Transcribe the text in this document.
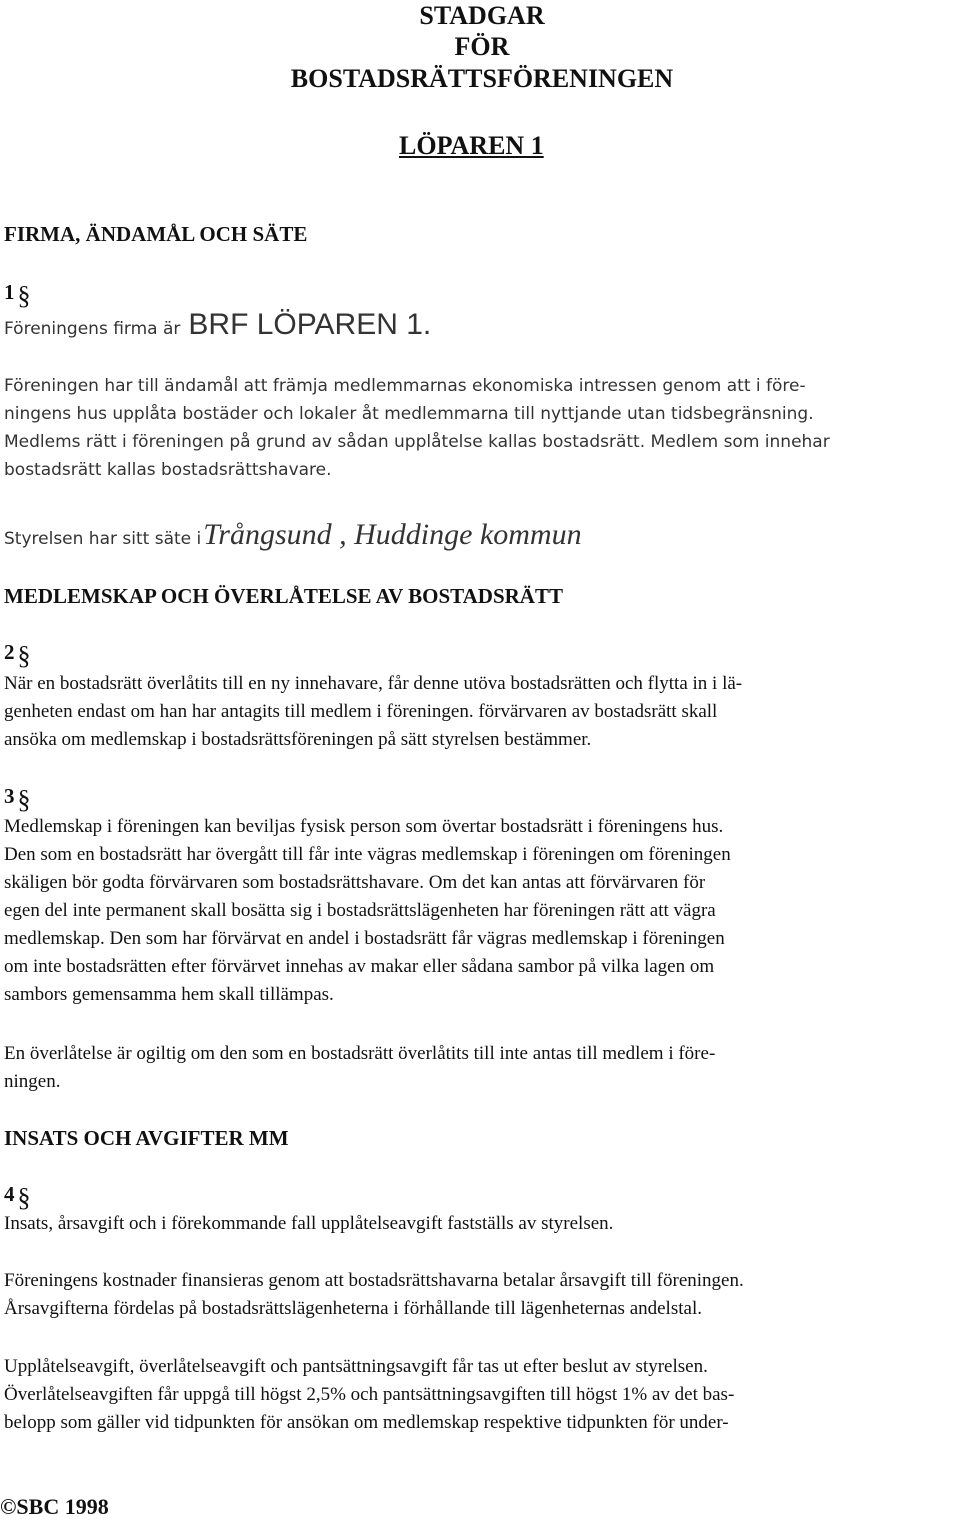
STADGAR
FÖR
BOSTADSRÄTTSFÖRENINGEN
LÖPAREN 1
FIRMA, ÄNDAMÅL OCH SÄTE
1 §
Föreningens firma är BRF LÖPAREN 1.
Föreningen har till ändamål att främja medlemmarnas ekonomiska intressen genom att i före-
ningens hus upplåta bostäder och lokaler åt medlemmarna till nyttjande utan tidsbegränsning.
Medlems rätt i föreningen på grund av sådan upplåtelse kallas bostadsrätt. Medlem som innehar
bostadsrätt kallas bostadsrättshavare.
Styrelsen har sitt säte iTrångsund , Huddinge kommun
MEDLEMSKAP OCH ÖVERLÅTELSE AV BOSTADSRÄTT
2 §
När en bostadsrätt överlåtits till en ny innehavare, får denne utöva bostadsrätten och flytta in i lä-
genheten endast om han har antagits till medlem i föreningen. förvärvaren av bostadsrätt skall
ansöka om medlemskap i bostadsrättsföreningen på sätt styrelsen bestämmer.
3 §
Medlemskap i föreningen kan beviljas fysisk person som övertar bostadsrätt i föreningens hus.
Den som en bostadsrätt har övergått till får inte vägras medlemskap i föreningen om föreningen
skäligen bör godta förvärvaren som bostadsrättshavare. Om det kan antas att förvärvaren för
egen del inte permanent skall bosätta sig i bostadsrättslägenheten har föreningen rätt att vägra
medlemskap. Den som har förvärvat en andel i bostadsrätt får vägras medlemskap i föreningen
om inte bostadsrätten efter förvärvet innehas av makar eller sådana sambor på vilka lagen om
sambors gemensamma hem skall tillämpas.
En överlåtelse är ogiltig om den som en bostadsrätt överlåtits till inte antas till medlem i före-
ningen.
INSATS OCH AVGIFTER MM
4 §
Insats, årsavgift och i förekommande fall upplåtelseavgift fastställs av styrelsen.
Föreningens kostnader finansieras genom att bostadsrättshavarna betalar årsavgift till föreningen.
Årsavgifterna fördelas på bostadsrättslägenheterna i förhållande till lägenheternas andelstal.
Upplåtelseavgift, överlåtelseavgift och pantsättningsavgift får tas ut efter beslut av styrelsen.
Överlåtelseavgiften får uppgå till högst 2,5% och pantsättningsavgiften till högst 1% av det bas-
belopp som gäller vid tidpunkten för ansökan om medlemskap respektive tidpunkten för under-
©SBC 1998
